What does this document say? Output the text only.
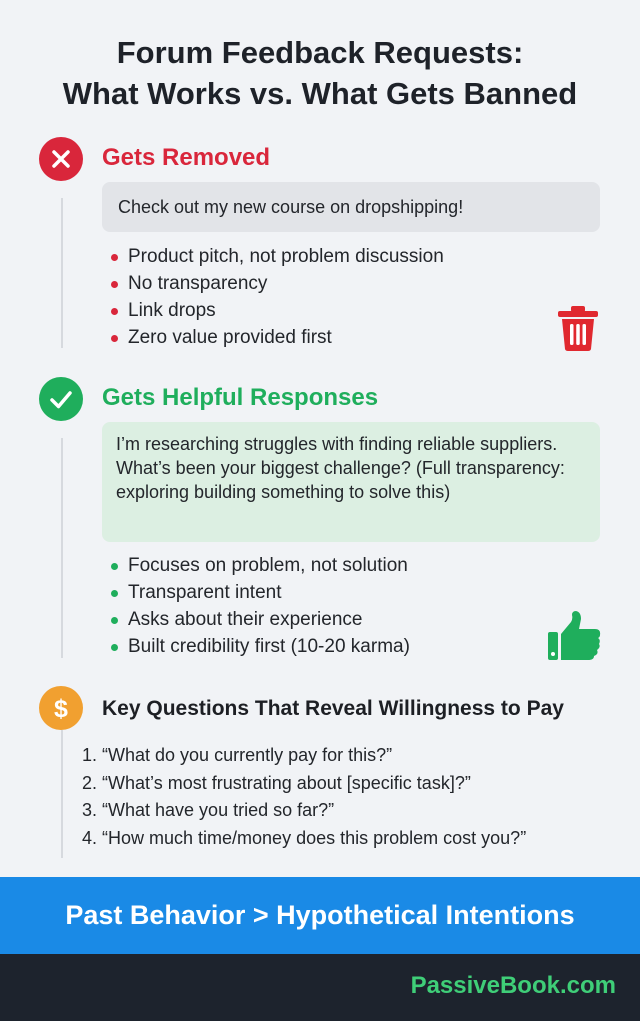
Forum Feedback Requests:
What Works vs. What Gets Banned
Gets Removed
Check out my new course on dropshipping!
Product pitch, not problem discussion
No transparency
Link drops
Zero value provided first
Gets Helpful Responses
I’m researching struggles with finding reliable suppliers. What’s been your biggest challenge? (Full transparency: exploring building something to solve this)
Focuses on problem, not solution
Transparent intent
Asks about their experience
Built credibility first (10-20 karma)
$ Key Questions That Reveal Willingness to Pay
1. “What do you currently pay for this?”
2. “What’s most frustrating about [specific task]?”
3. “What have you tried so far?”
4. “How much time/money does this problem cost you?”
Past Behavior > Hypothetical Intentions
PassiveBook.com
